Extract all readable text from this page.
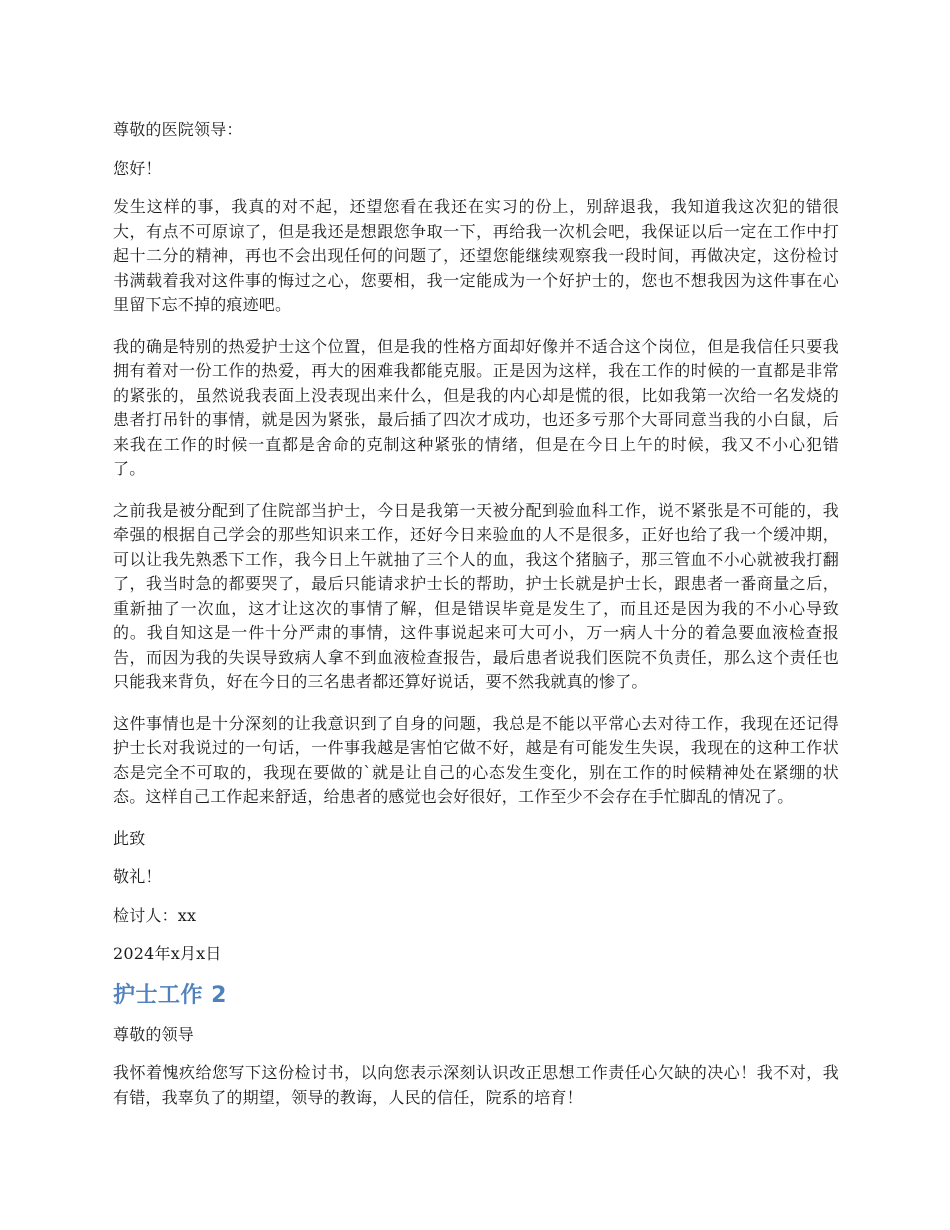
尊敬的医院领导：

您好！

发生这样的事，我真的对不起，还望您看在我还在实习的份上，别辞退我，我知道我这次犯的错很大，有点不可原谅了，但是我还是想跟您争取一下，再给我一次机会吧，我保证以后一定在工作中打起十二分的精神，再也不会出现任何的问题了，还望您能继续观察我一段时间，再做决定，这份检讨书满载着我对这件事的悔过之心，您要相，我一定能成为一个好护士的，您也不想我因为这件事在心里留下忘不掉的痕迹吧。

我的确是特别的热爱护士这个位置，但是我的性格方面却好像并不适合这个岗位，但是我信任只要我拥有着对一份工作的热爱，再大的困难我都能克服。正是因为这样，我在工作的时候的一直都是非常的紧张的，虽然说我表面上没表现出来什么，但是我的内心却是慌的很，比如我第一次给一名发烧的患者打吊针的事情，就是因为紧张，最后插了四次才成功，也还多亏那个大哥同意当我的小白鼠，后来我在工作的时候一直都是舍命的克制这种紧张的情绪，但是在今日上午的时候，我又不小心犯错了。

之前我是被分配到了住院部当护士，今日是我第一天被分配到验血科工作，说不紧张是不可能的，我牵强的根据自己学会的那些知识来工作，还好今日来验血的人不是很多，正好也给了我一个缓冲期，可以让我先熟悉下工作，我今日上午就抽了三个人的血，我这个猪脑子，那三管血不小心就被我打翻了，我当时急的都要哭了，最后只能请求护士长的帮助，护士长就是护士长，跟患者一番商量之后，重新抽了一次血，这才让这次的事情了解，但是错误毕竟是发生了，而且还是因为我的不小心导致的。我自知这是一件十分严肃的事情，这件事说起来可大可小，万一病人十分的着急要血液检查报告，而因为我的失误导致病人拿不到血液检查报告，最后患者说我们医院不负责任，那么这个责任也只能我来背负，好在今日的三名患者都还算好说话，要不然我就真的惨了。

这件事情也是十分深刻的让我意识到了自身的问题，我总是不能以平常心去对待工作，我现在还记得护士长对我说过的一句话，一件事我越是害怕它做不好，越是有可能发生失误，我现在的这种工作状态是完全不可取的，我现在要做的`就是让自己的心态发生变化，别在工作的时候精神处在紧绷的状态。这样自己工作起来舒适，给患者的感觉也会好很好，工作至少不会存在手忙脚乱的情况了。

此致

敬礼！

检讨人：xx

2024年x月x日

护士工作 2

尊敬的领导

我怀着愧疚给您写下这份检讨书，以向您表示深刻认识改正思想工作责任心欠缺的决心！我不对，我有错，我辜负了的期望，领导的教诲，人民的信任，院系的培育！
